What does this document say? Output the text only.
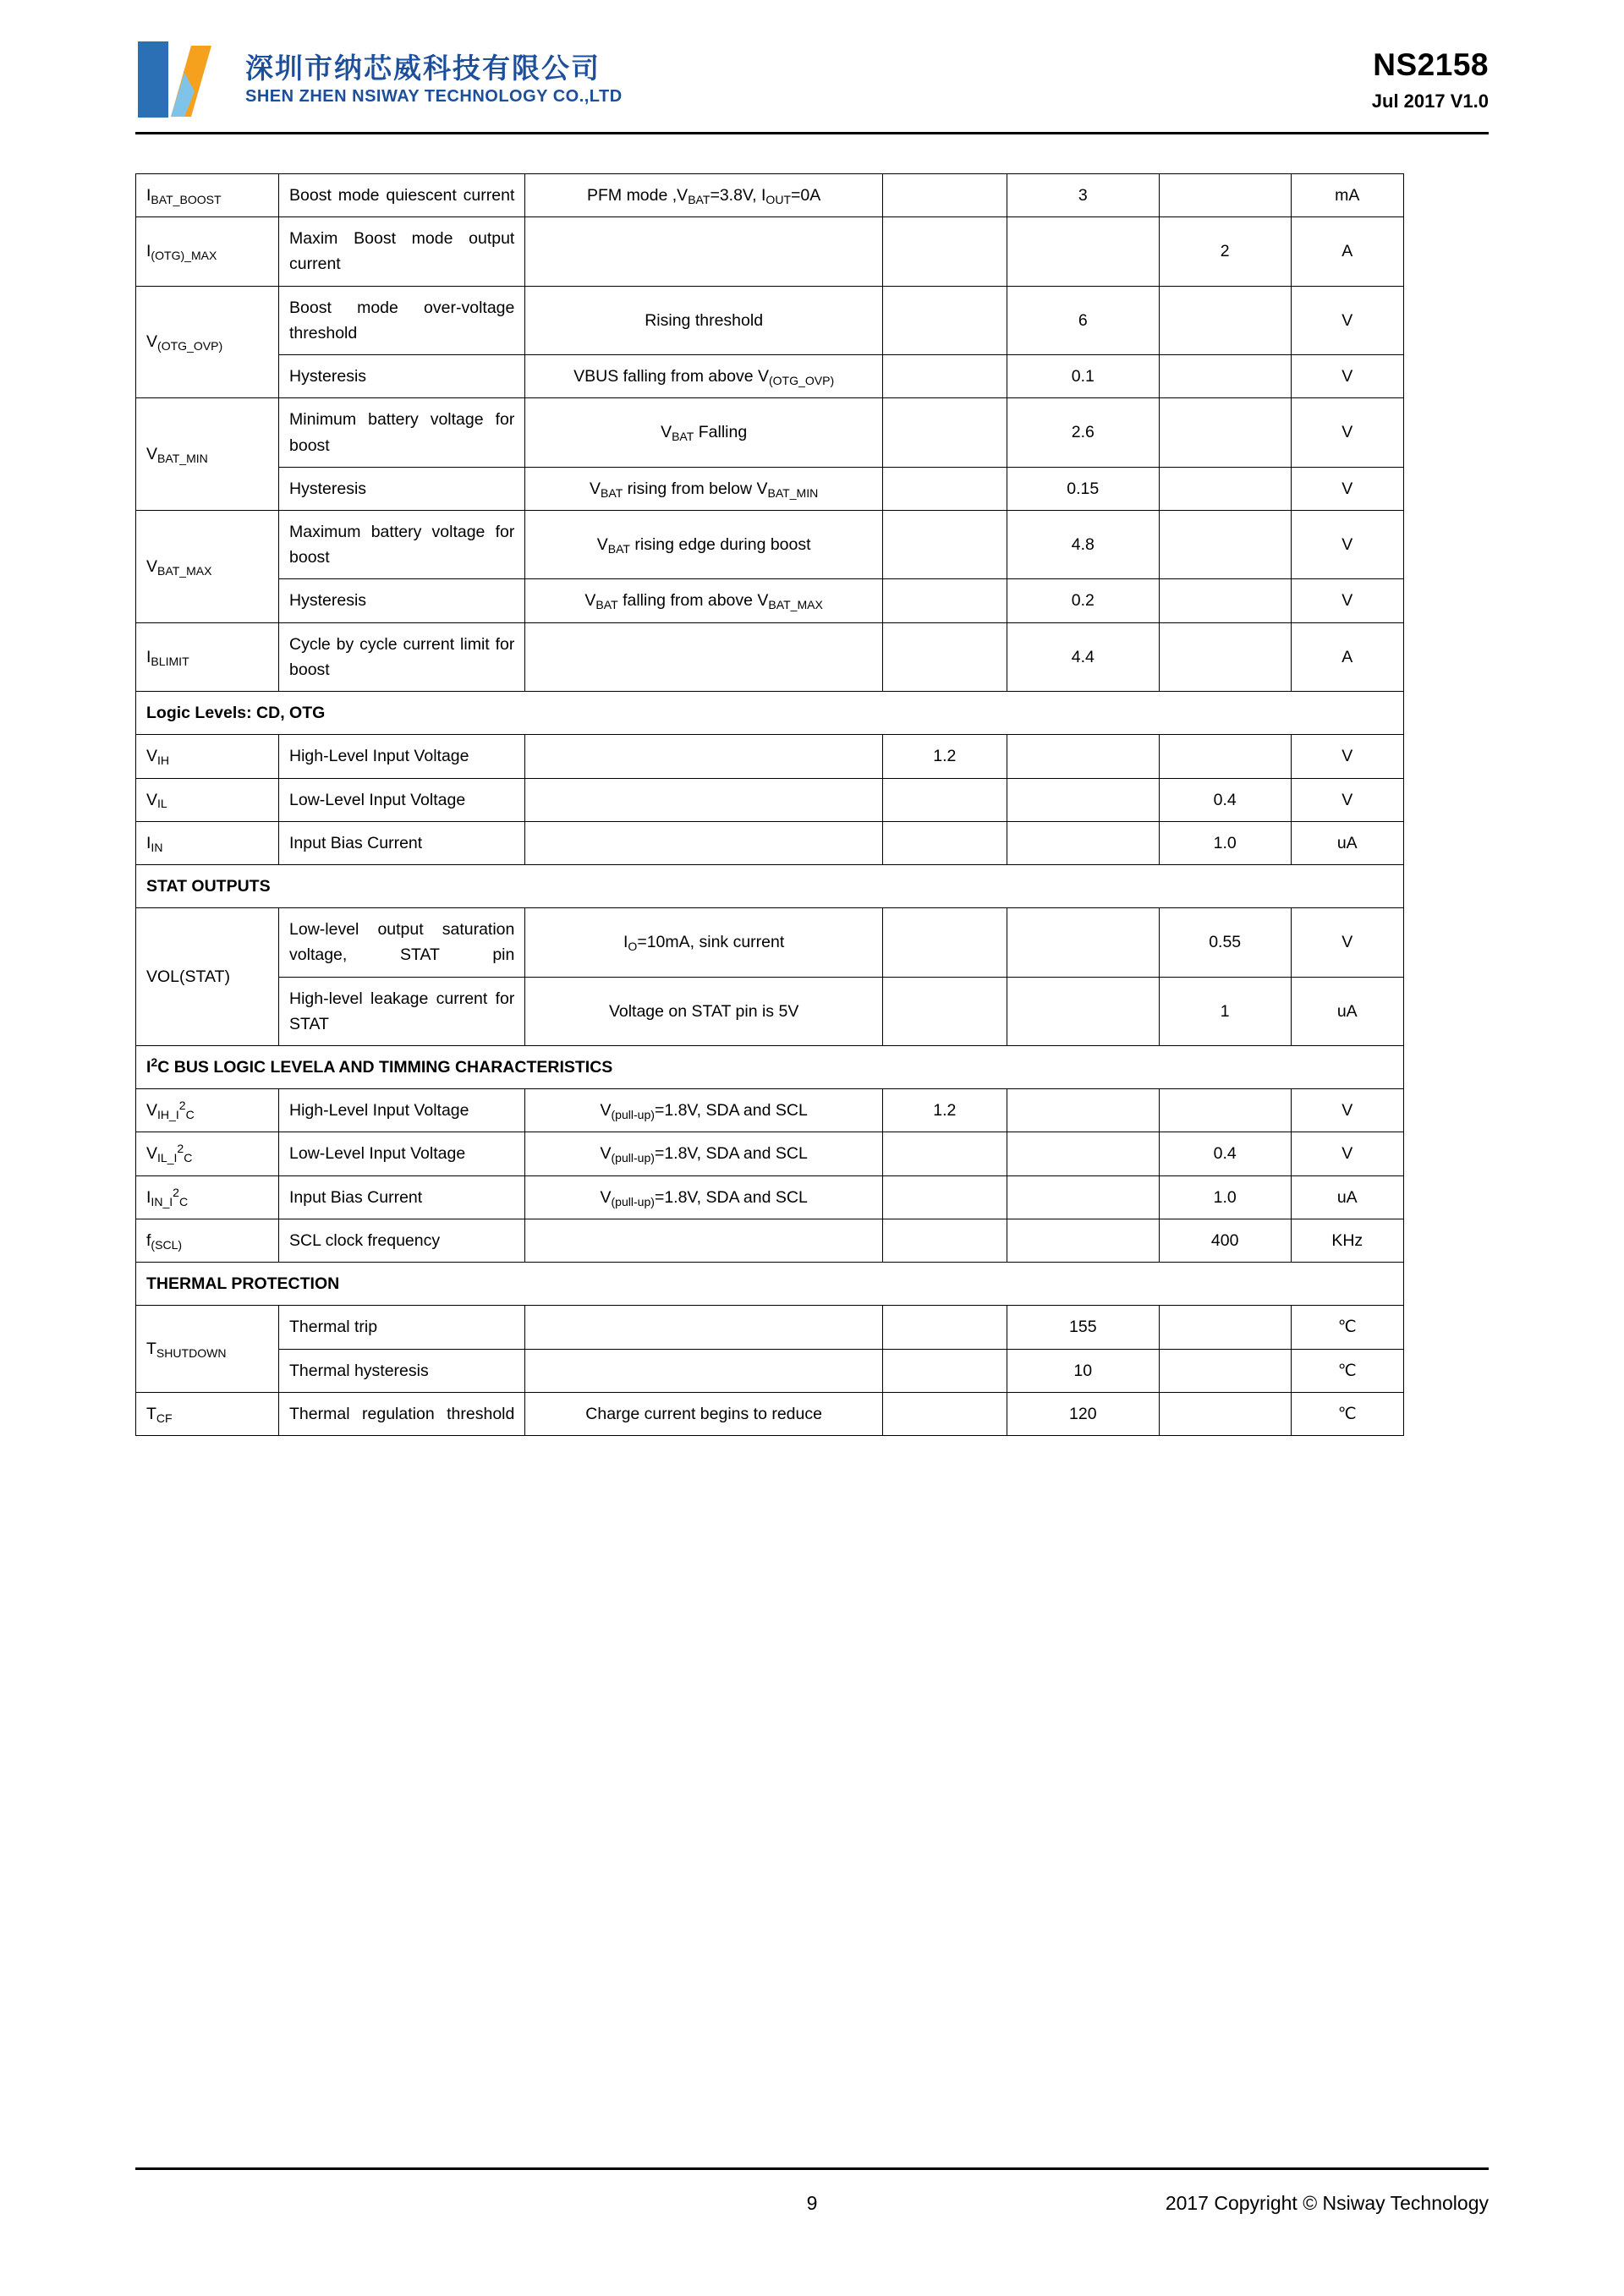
深圳市纳芯威科技有限公司
SHEN ZHEN NSIWAY TECHNOLOGY CO.,LTD
NS2158
Jul 2017 V1.0
$I_{BAT\_BOOST}$	Boost mode quiescent current	PFM mode $,V_{BAT}=3.8V$, $I_{OUT}=0A$		3		mA
$I_{(OTG)\_MAX}$	Maxim Boost mode output current				2	A
$V_{(OTG\_OVP)}$	Boost mode over-voltage threshold	Rising threshold		6		V
	Hysteresis	VBUS falling from above $V_{(OTG\_OVP)}$		0.1		V
$V_{BAT\_MIN}$	Minimum battery voltage for boost	$V_{BAT}$ Falling		2.6		V
	Hysteresis	$V_{BAT}$ rising from below $V_{BAT\_MIN}$		0.15		V
$V_{BAT\_MAX}$	Maximum battery voltage for boost	$V_{BAT}$ rising edge during boost		4.8		V
	Hysteresis	$V_{BAT}$ falling from above $V_{BAT\_MAX}$		0.2		V
$I_{BLIMIT}$	Cycle by cycle current limit for boost			4.4		A
Logic Levels: CD, OTG						
$V_{IH}$	High-Level Input Voltage		1.2			V
$V_{IL}$	Low-Level Input Voltage				0.4	V
$I_{IN}$	Input Bias Current				1.0	uA
STAT OUTPUTS						
VOL(STAT)	Low-level output saturation voltage, STAT pin	$I_O=10mA$, sink current			0.55	V
	High-level leakage current for STAT	Voltage on STAT pin is 5V			1	uA
$I^2C$ BUS LOGIC LEVELA AND TIMMING CHARACTERISTICS						
$V_{IH\_I}^2_C$	High-Level Input Voltage	$V_{(pull-up)}=1.8V$, SDA and SCL	1.2			V
$V_{IL\_I}^2_C$	Low-Level Input Voltage	$V_{(pull-up)}=1.8V$, SDA and SCL			0.4	V
$I_{IN\_I}^2_C$	Input Bias Current	$V_{(pull-up)}=1.8V$, SDA and SCL			1.0	uA
$f_{(SCL)}$	SCL clock frequency				400	KHz
THERMAL PROTECTION						
$T_{SHUTDOWN}$	Thermal trip			155		℃
	Thermal hysteresis			10		℃
$T_{CF}$	Thermal regulation threshold	Charge current begins to reduce		120		℃
9	2017 Copyright © Nsiway Technology
